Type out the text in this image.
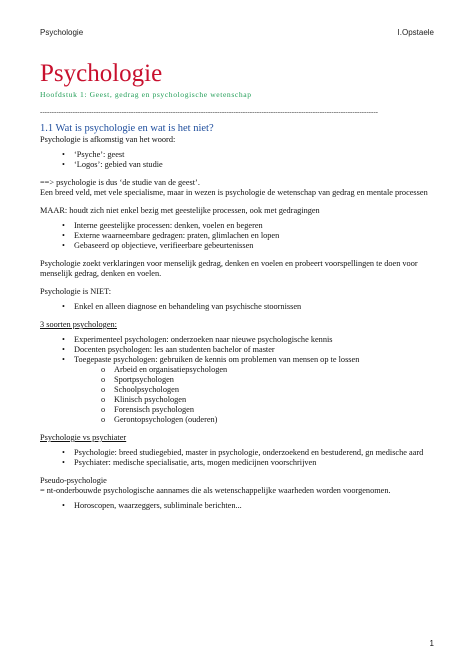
Psychologie	I.Opstaele
Psychologie
Hoofdstuk 1: Geest, gedrag en psychologische wetenschap
-------------------------------------------------------------------------------------------------------------------------------------------------
1.1 Wat is psychologie en wat is het niet?

Psychologie is afkomstig van het woord:

• ‘Psyche’: geest
• ‘Logos’: gebied van studie

==> psychologie is dus ‘de studie van de geest’.

Een breed veld, met vele specialisme, maar in wezen is psychologie de wetenschap van gedrag en mentale processen

MAAR: houdt zich niet enkel bezig met geestelijke processen, ook met gedragingen

• Interne geestelijke processen: denken, voelen en begeren
• Externe waarneembare gedragen: praten, glimlachen en lopen
• Gebaseerd op objectieve, verifieerbare gebeurtenissen

Psychologie zoekt verklaringen voor menselijk gedrag, denken en voelen en probeert voorspellingen te doen voor menselijk gedrag, denken en voelen.

Psychologie is NIET:

• Enkel en alleen diagnose en behandeling van psychische stoornissen

3 soorten psychologen:

• Experimenteel psychologen: onderzoeken naar nieuwe psychologische kennis
• Docenten psychologen: les aan studenten bachelor of master
• Toegepaste psychologen: gebruiken de kennis om problemen van mensen op te lossen
o Arbeid en organisatiepsychologen
o Sportpsychologen
o Schoolpsychologen
o Klinisch psychologen
o Forensisch psychologen
o Gerontopsychologen (ouderen)

Psychologie vs psychiater

• Psychologie: breed studiegebied, master in psychologie, onderzoekend en bestuderend, gn medische aard
• Psychiater: medische specialisatie, arts, mogen medicijnen voorschrijven

Pseudo-psychologie

= nt-onderbouwde psychologische aannames die als wetenschappelijke waarheden worden voorgenomen.

• Horoscopen, waarzeggers, subliminale berichten...
1
